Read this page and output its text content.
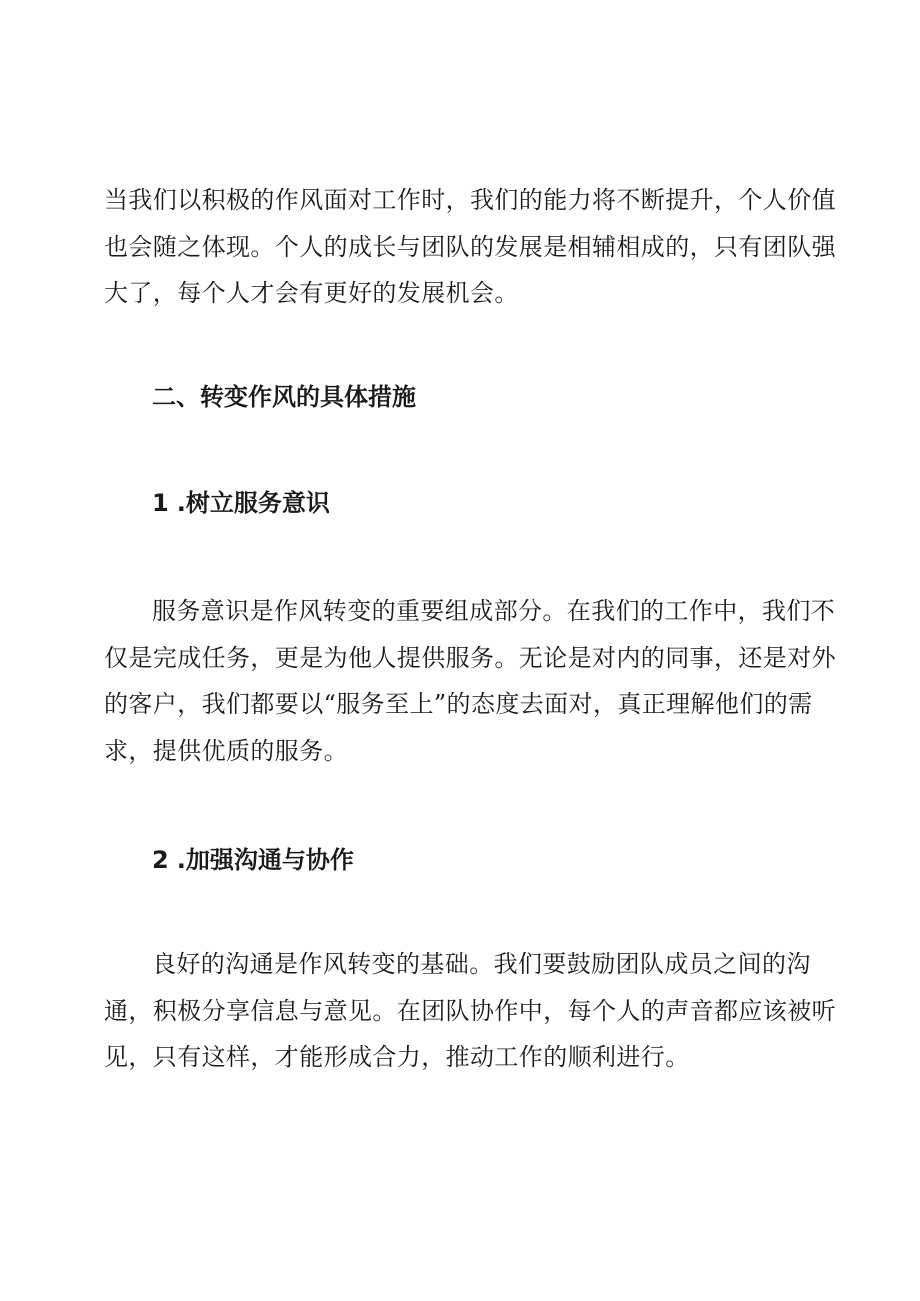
当我们以积极的作风面对工作时，我们的能力将不断提升，个人价值
也会随之体现。个人的成长与团队的发展是相辅相成的，只有团队强
大了，每个人才会有更好的发展机会。

二、转变作风的具体措施
1 .树立服务意识

服务意识是作风转变的重要组成部分。在我们的工作中，我们不
仅是完成任务，更是为他人提供服务。无论是对内的同事，还是对外
的客户，我们都要以“服务至上”的态度去面对，真正理解他们的需
求，提供优质的服务。

2 .加强沟通与协作

良好的沟通是作风转变的基础。我们要鼓励团队成员之间的沟
通，积极分享信息与意见。在团队协作中，每个人的声音都应该被听
见，只有这样，才能形成合力，推动工作的顺利进行。
